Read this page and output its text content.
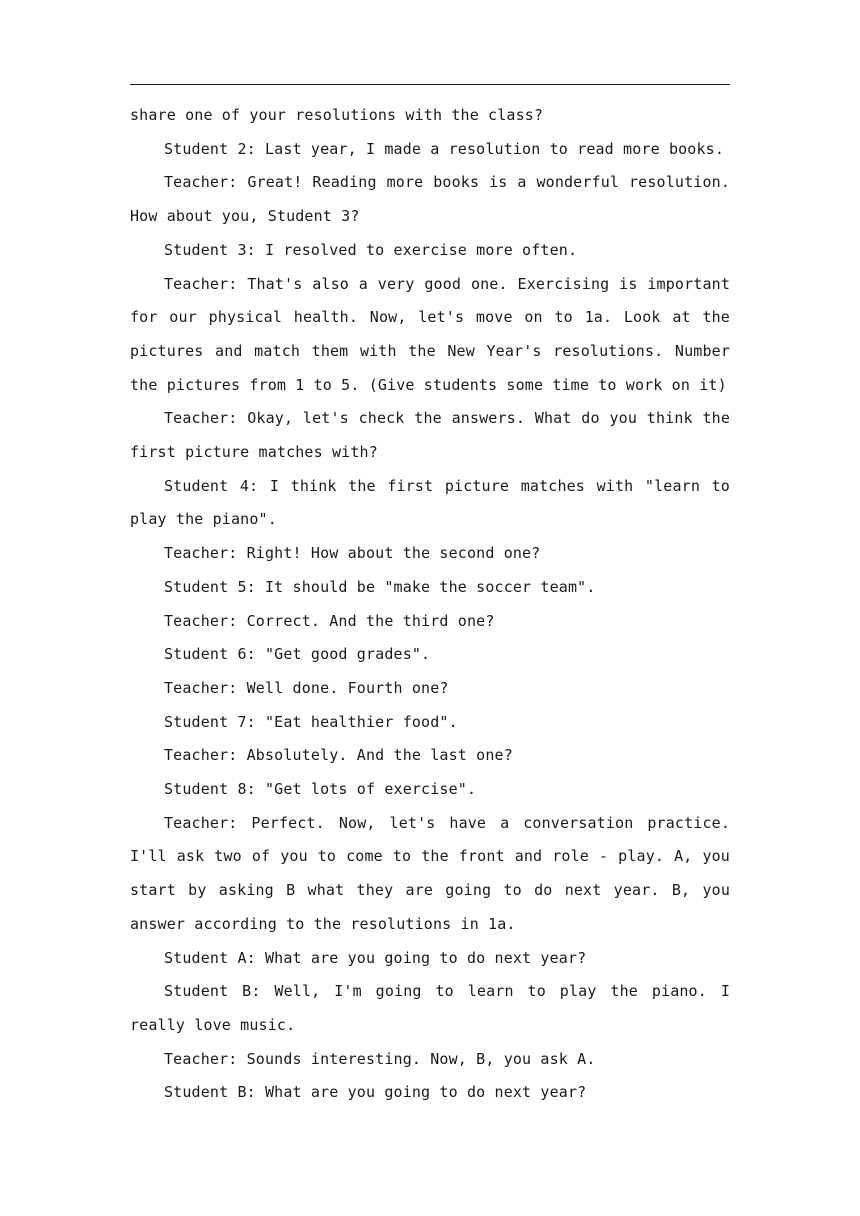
share one of your resolutions with the class?

Student 2: Last year, I made a resolution to read more books.

Teacher: Great! Reading more books is a wonderful resolution. How about you, Student 3?

Student 3: I resolved to exercise more often.

Teacher: That's also a very good one. Exercising is important for our physical health. Now, let's move on to 1a. Look at the pictures and match them with the New Year's resolutions. Number the pictures from 1 to 5. (Give students some time to work on it)

Teacher: Okay, let's check the answers. What do you think the first picture matches with?

Student 4: I think the first picture matches with "learn to play the piano".

Teacher: Right! How about the second one?

Student 5: It should be "make the soccer team".

Teacher: Correct. And the third one?

Student 6: "Get good grades".

Teacher: Well done. Fourth one?

Student 7: "Eat healthier food".

Teacher: Absolutely. And the last one?

Student 8: "Get lots of exercise".

Teacher: Perfect. Now, let's have a conversation practice. I'll ask two of you to come to the front and role - play. A, you start by asking B what they are going to do next year. B, you answer according to the resolutions in 1a.

Student A: What are you going to do next year?

Student B: Well, I'm going to learn to play the piano. I really love music.

Teacher: Sounds interesting. Now, B, you ask A.

Student B: What are you going to do next year?
